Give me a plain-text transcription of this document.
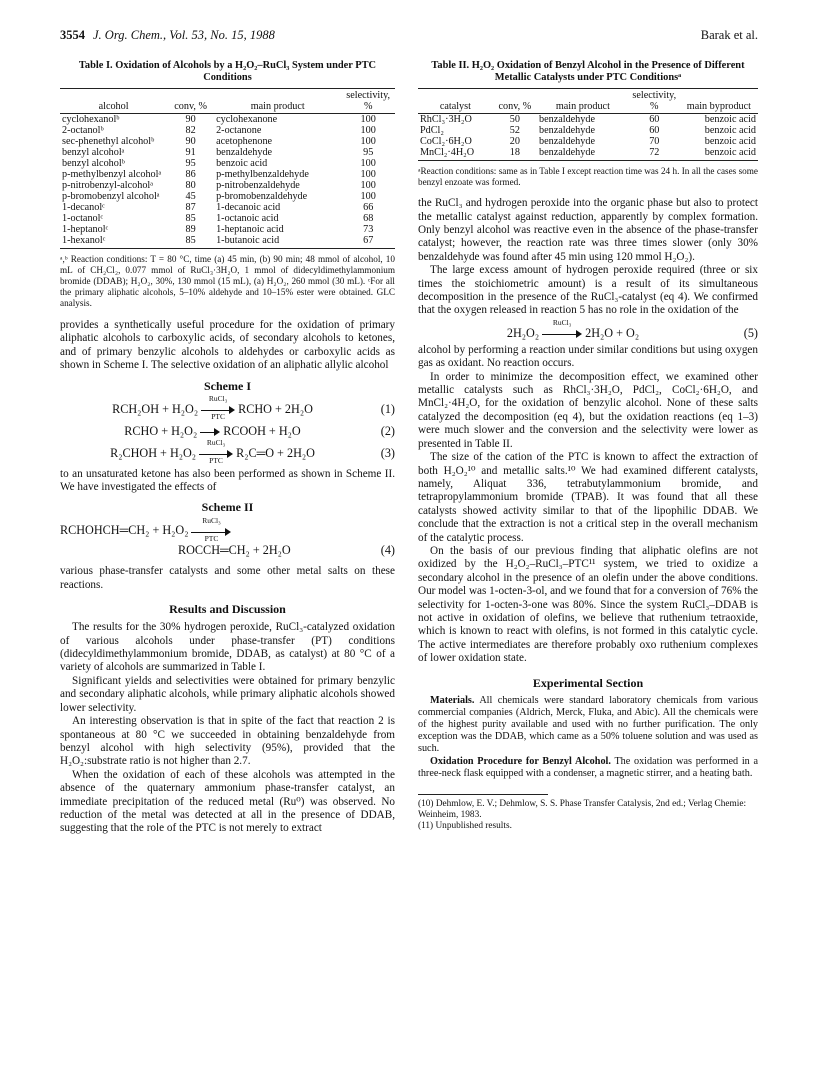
3554 J. Org. Chem., Vol. 53, No. 15, 1988	Barak et al.
Table I. Oxidation of Alcohols by a H₂O₂–RuCl₃ System under PTC Conditions
alcohol	conv, %	main product	selectivity, %
cyclohexanolᵇ	90	cyclohexanone	100
2-octanolᵇ	82	2-octanone	100
sec-phenethyl alcoholᵇ	90	acetophenone	100
benzyl alcoholᵃ	91	benzaldehyde	95
benzyl alcoholᵇ	95	benzoic acid	100
p-methylbenzyl alcoholᵃ	86	p-methylbenzaldehyde	100
p-nitrobenzyl-alcoholᵃ	80	p-nitrobenzaldehyde	100
p-bromobenzyl alcoholᵃ	45	p-bromobenzaldehyde	100
1-decanolᶜ	87	1-decanoic acid	66
1-octanolᶜ	85	1-octanoic acid	68
1-heptanolᶜ	89	1-heptanoic acid	73
1-hexanolᶜ	85	1-butanoic acid	67

ᵃ,ᵇ Reaction conditions: T = 80 °C, time (a) 45 min, (b) 90 min; 48 mmol of alcohol, 10 mL of CH₂Cl₂, 0.077 mmol of RuCl₃·3H₂O, 1 mmol of didecyldimethylammonium bromide (DDAB); H₂O₂, 30%, 130 mmol (15 mL), (a) H₂O₂, 260 mmol (30 mL). ᶜFor all the primary aliphatic alcohols, 5–10% aldehyde and 10–15% ester were obtained. GLC analysis.

provides a synthetically useful procedure for the oxidation of primary aliphatic alcohols to carboxylic acids, of secondary alcohols to ketones, and of primary benzylic alcohols to aldehydes or carboxylic acids as shown in Scheme I. The selective oxidation of an aliphatic allylic alcohol

Scheme I
RCH₂OH + H₂O₂
RuCl₃
PTC
RCHO + 2H₂O	(1)
RCHO + H₂O₂ RCOOH + H₂O	(2)
R₂CHOH + H₂O₂
RuCl₃
PTC
R₂C═O + 2H₂O	(3)

to an unsaturated ketone has also been performed as shown in Scheme II. We have investigated the effects of

Scheme II
RCHOHCH═CH₂ + H₂O₂
RuCl₃
PTC
ROCCH═CH₂ + 2H₂O	(4)

various phase-transfer catalysts and some other metal salts on these reactions.

Results and Discussion

The results for the 30% hydrogen peroxide, RuCl₃-catalyzed oxidation of various alcohols under phase-transfer (PT) conditions (didecyldimethylammonium bromide, DDAB, as catalyst) at 80 °C of a variety of alcohols are summarized in Table I.

Significant yields and selectivities were obtained for primary benzylic and secondary aliphatic alcohols, while primary aliphatic alcohols showed lower selectivity.

An interesting observation is that in spite of the fact that reaction 2 is spontaneous at 80 °C we succeeded in obtaining benzaldehyde from benzyl alcohol with high selectivity (95%), provided that the H₂O₂:substrate ratio is not higher than 2.7.

When the oxidation of each of these alcohols was attempted in the absence of the quaternary ammonium phase-transfer catalyst, an immediate precipitation of the reduced metal (Ru⁰) was observed. No reduction of the metal was detected at all in the presence of DDAB, suggesting that the role of the PTC is not merely to extract

Table II. H₂O₂ Oxidation of Benzyl Alcohol in the Presence of Different Metallic Catalysts under PTC Conditionsᵃ
catalyst	conv, %	main product	selectivity, %	main byproduct
RhCl₃·3H₂O	50	benzaldehyde	60	benzoic acid
PdCl₂	52	benzaldehyde	60	benzoic acid
CoCl₂·6H₂O	20	benzaldehyde	70	benzoic acid
MnCl₂·4H₂O	18	benzaldehyde	72	benzoic acid

ᵃReaction conditions: same as in Table I except reaction time was 24 h. In all the cases some benzyl enzoate was formed.

the RuCl₃ and hydrogen peroxide into the organic phase but also to protect the metallic catalyst against reduction, apparently by complex formation. Only benzyl alcohol was reactive even in the absence of the phase-transfer catalyst; however, the reaction rate was three times slower (only 30% benzaldehyde was found after 45 min using 120 mmol H₂O₂).

The large excess amount of hydrogen peroxide required (three or six times the stoichiometric amount) is a result of its simultaneous decomposition in the presence of the RuCl₃-catalyst (eq 4). We confirmed that the oxygen released in reaction 5 has no role in the oxidation of the

2H₂O₂
RuCl₃
2H₂O + O₂	(5)

alcohol by performing a reaction under similar conditions but using oxygen gas as oxidant. No reaction occurs.

In order to minimize the decomposition effect, we examined other metallic catalysts such as RhCl₃·3H₂O, PdCl₂, CoCl₂·6H₂O, and MnCl₂·4H₂O, for the oxidation of benzylic alcohol. None of these salts catalyzed the decomposition (eq 4), but the oxidation reactions (eq 1–3) were much slower and the conversion and the selectivity were lower as presented in Table II.

The size of the cation of the PTC is known to affect the extraction of both H₂O₂¹⁰ and metallic salts.¹⁰ We had examined different catalysts, namely, Aliquat 336, tetrabutylammonium bromide, and tetrapropylammonium bromide (TPAB). It was found that all these catalysts showed activity similar to that of the lipophilic DDAB. We conclude that the extraction is not a critical step in the overall mechanism of the catalytic process.

On the basis of our previous finding that aliphatic olefins are not oxidized by the H₂O₂–RuCl₃–PTC¹¹ system, we tried to oxidize a secondary alcohol in the presence of an olefin under the above conditions. Our model was 1-octen-3-ol, and we found that for a conversion of 76% the selectivity for 1-octen-3-one was 80%. Since the system RuCl₃–DDAB is not active in oxidation of olefins, we believe that ruthenium tetraoxide, which is known to react with olefins, is not formed in this catalytic cycle. The active intermediates are therefore probably oxo ruthenium complexes of lower oxidation state.

Experimental Section

Materials. All chemicals were standard laboratory chemicals from various commercial companies (Aldrich, Merck, Fluka, and Abic). All the chemicals were of the highest purity available and used with no further purification. The only exception was the DDAB, which came as a 50% toluene solution and was used as such.

Oxidation Procedure for Benzyl Alcohol. The oxidation was performed in a three-neck flask equipped with a condenser, a magnetic stirrer, and a heating bath.

(10) Dehmlow, E. V.; Dehmlow, S. S. Phase Transfer Catalysis, 2nd ed.; Verlag Chemie: Weinheim, 1983.

(11) Unpublished results.
